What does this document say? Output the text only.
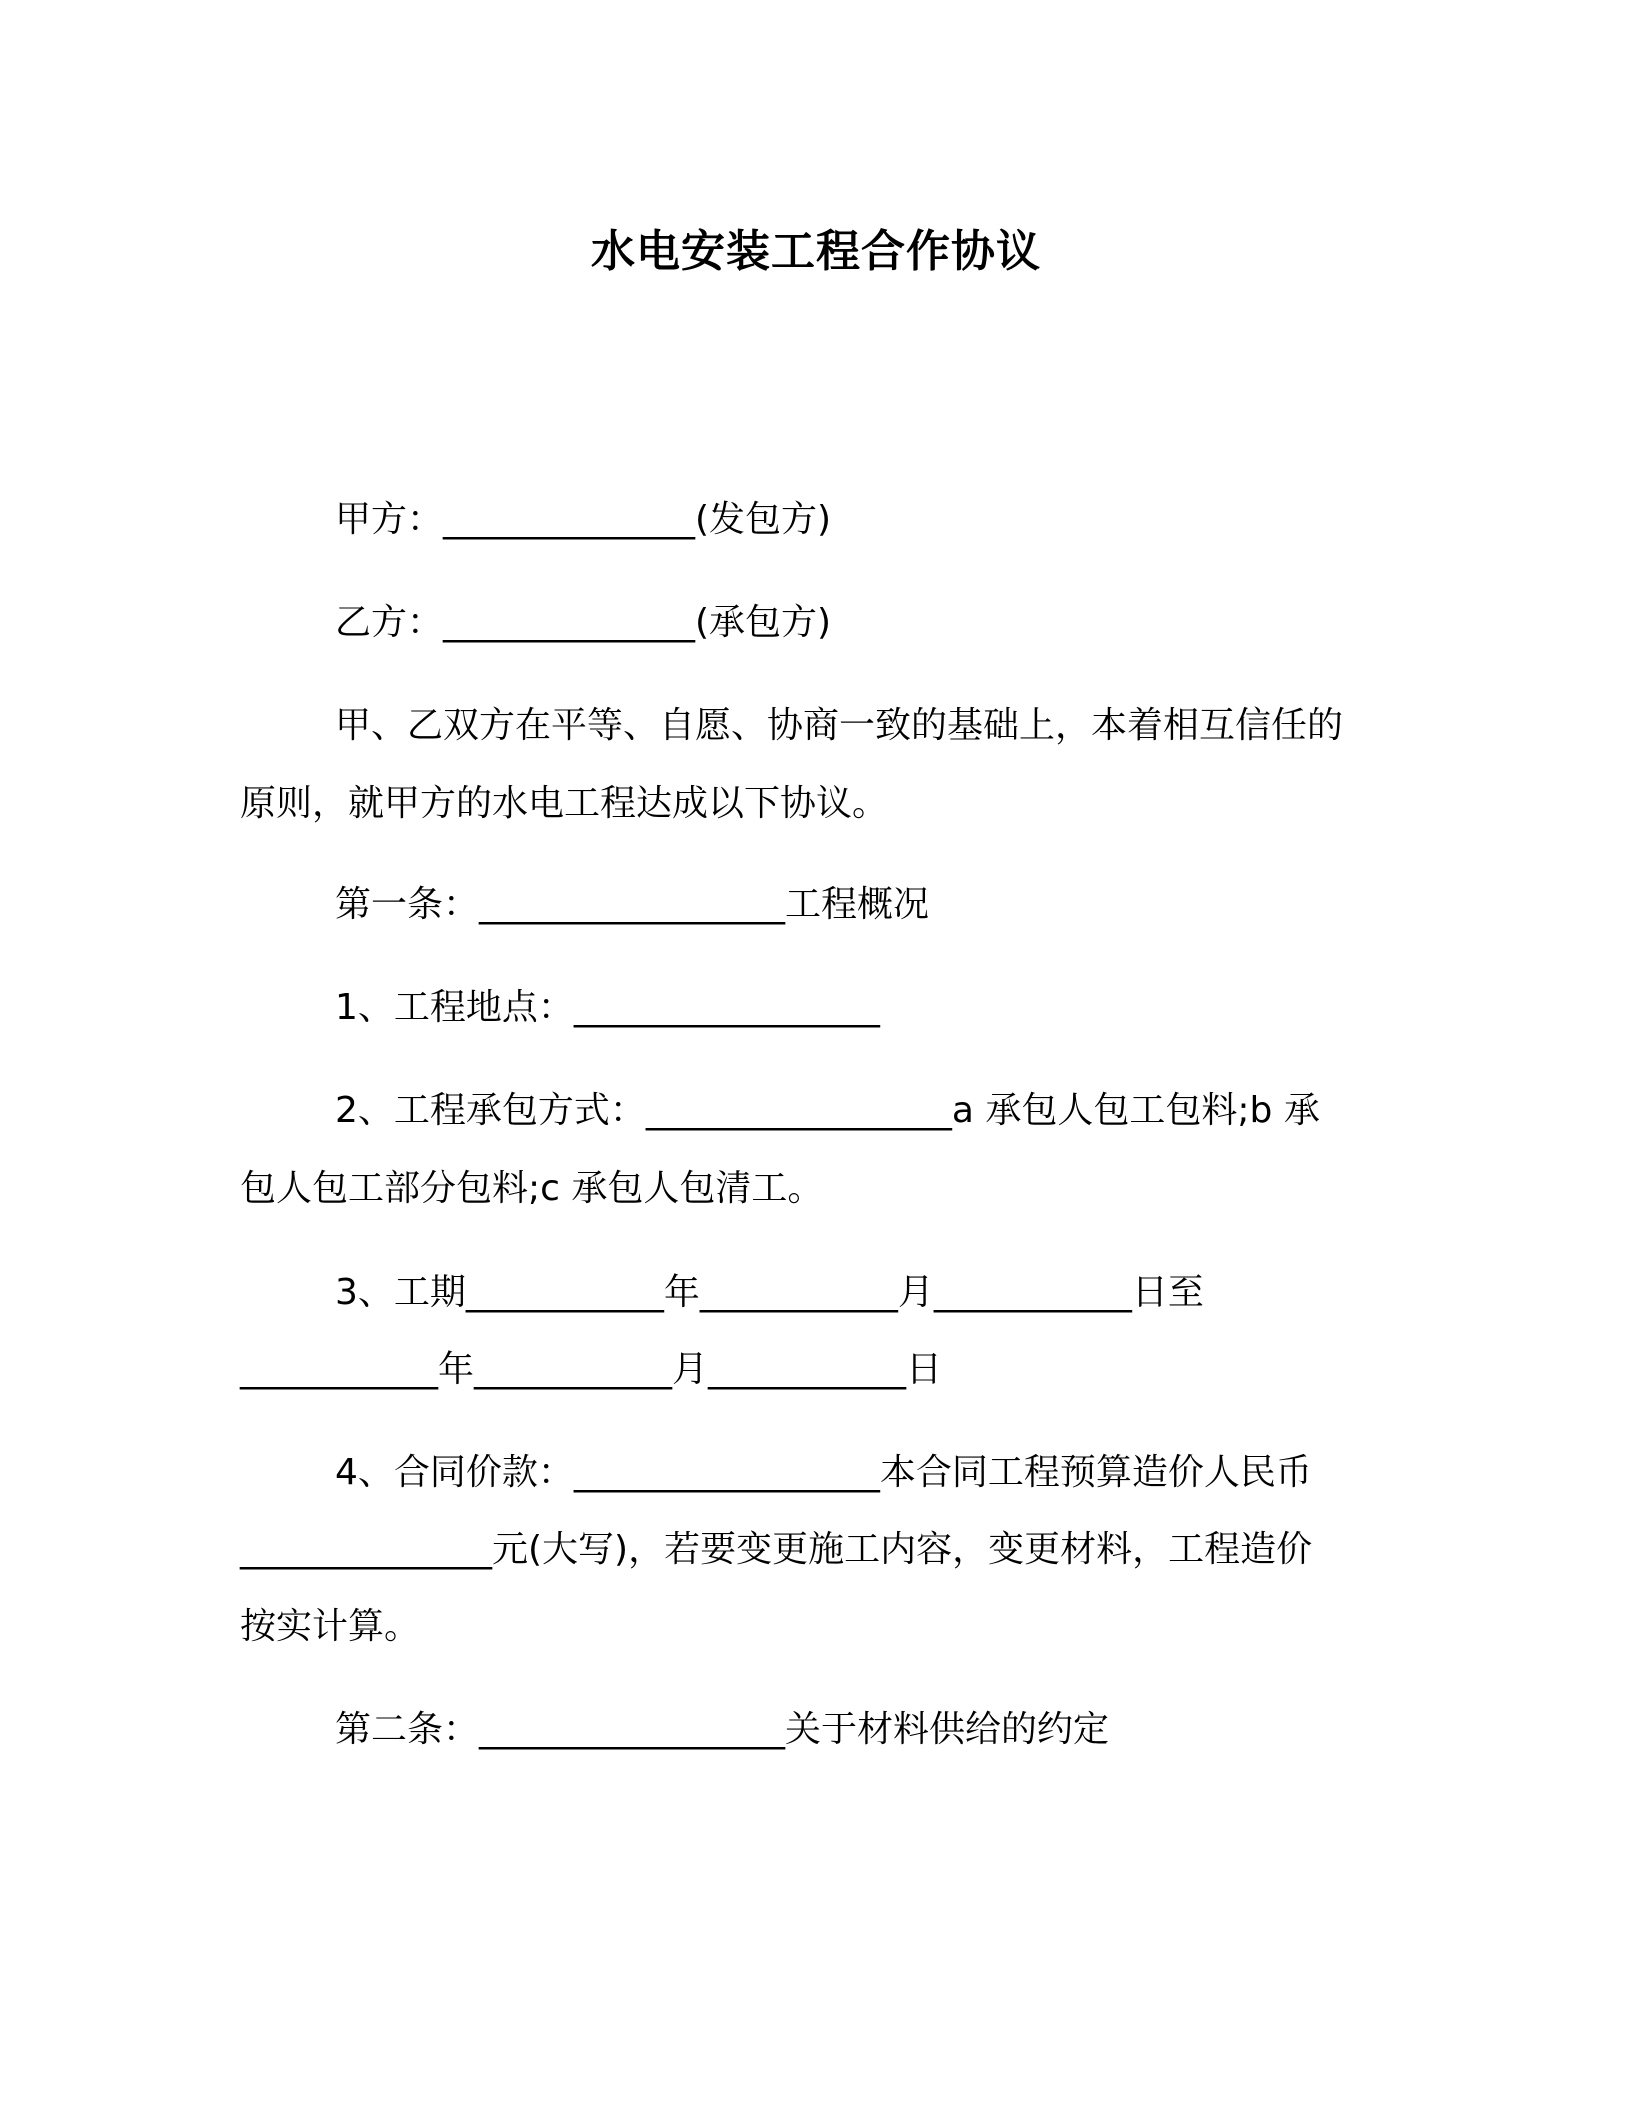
水电安装工程合作协议

甲方：______________(发包方)

乙方：______________(承包方)

甲、乙双方在平等、自愿、协商一致的基础上，本着相互信任的

原则，就甲方的水电工程达成以下协议。

第一条：_________________工程概况

1、工程地点：_________________

2、工程承包方式：_________________a 承包人包工包料;b 承

包人包工部分包料;c 承包人包清工。

3、工期___________年___________月___________日至

___________年___________月___________日

4、合同价款：_________________本合同工程预算造价人民币

______________元(大写)，若要变更施工内容，变更材料，工程造价

按实计算。

第二条：_________________关于材料供给的约定
